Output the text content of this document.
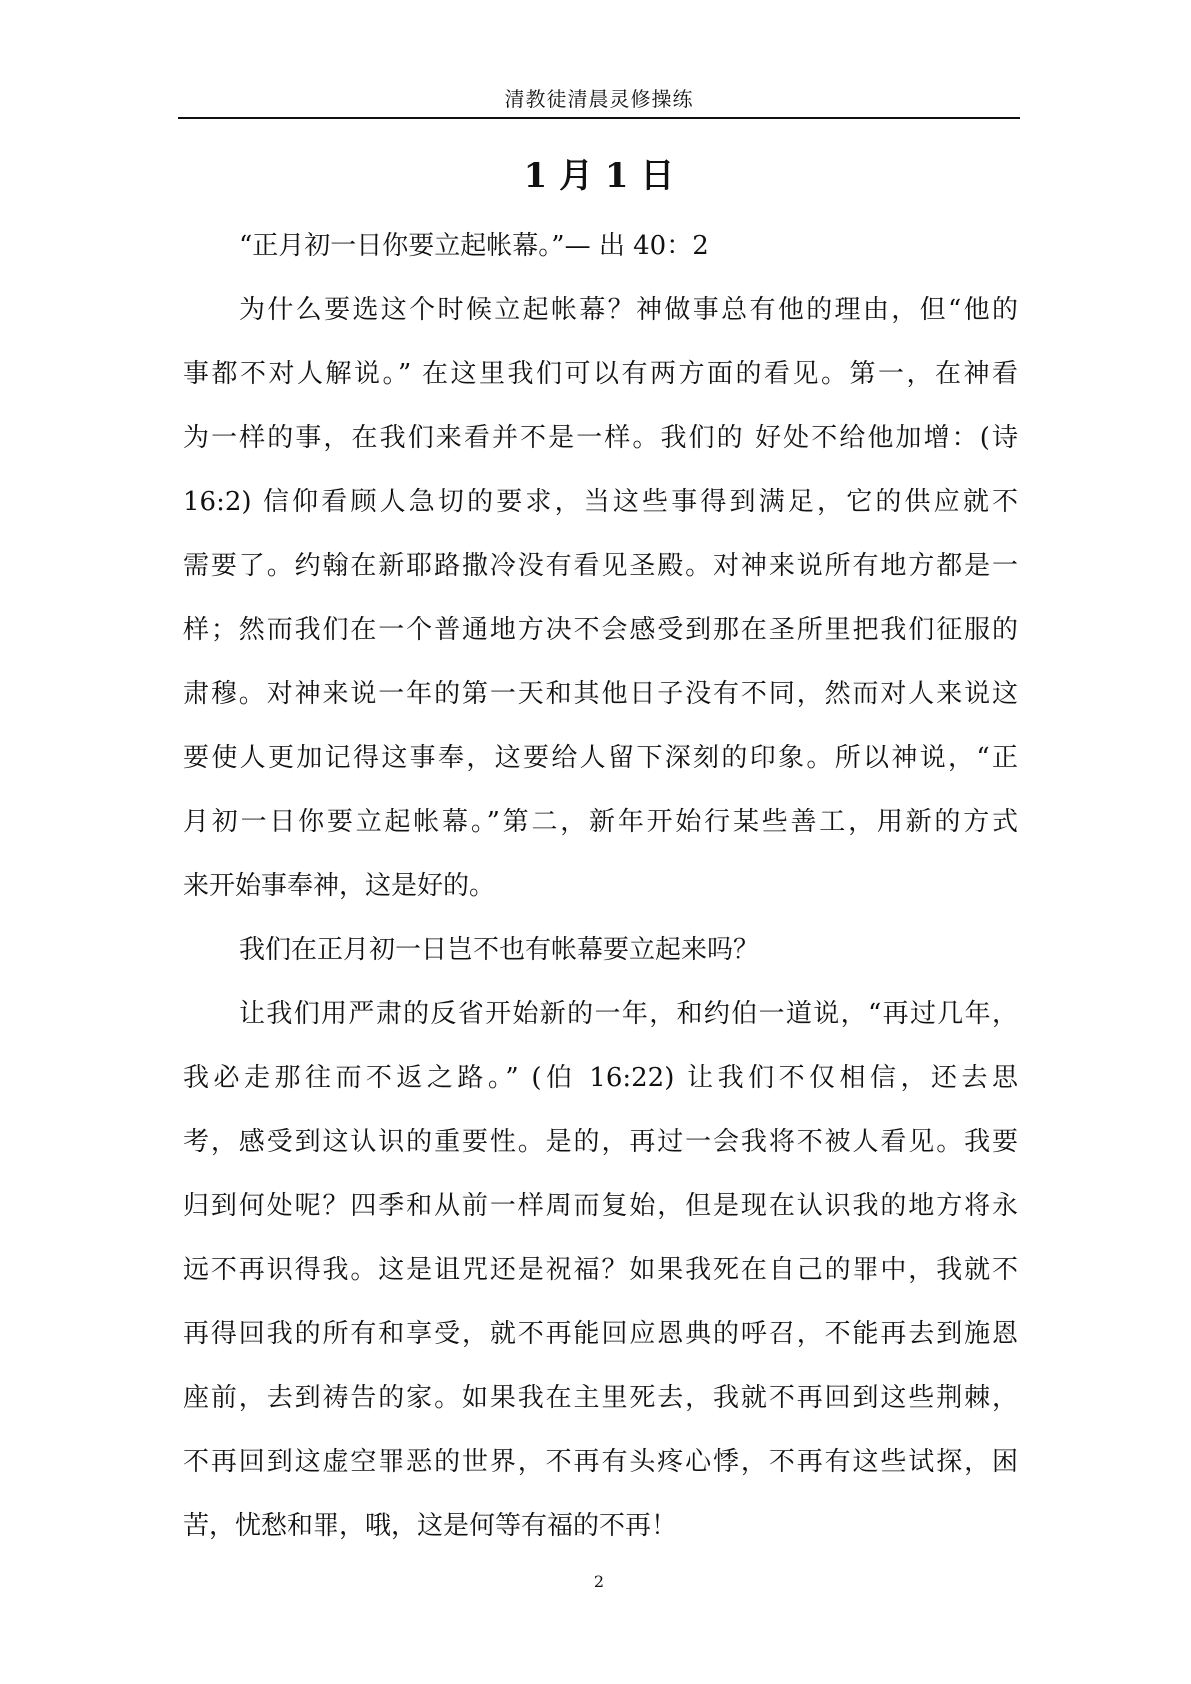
清教徒清晨灵修操练
1 月 1 日
“正月初一日你要立起帐幕。”— 出 40：2
为什么要选这个时候立起帐幕？神做事总有他的理由，但“他的
事都不对人解说。” 在这里我们可以有两方面的看见。第一，在神看
为一样的事，在我们来看并不是一样。我们的 好处不给他加增：(诗
16:2) 信仰看顾人急切的要求，当这些事得到满足，它的供应就不
需要了。约翰在新耶路撒冷没有看见圣殿。对神来说所有地方都是一
样；然而我们在一个普通地方决不会感受到那在圣所里把我们征服的
肃穆。对神来说一年的第一天和其他日子没有不同，然而对人来说这
要使人更加记得这事奉，这要给人留下深刻的印象。所以神说，“正
月初一日你要立起帐幕。”第二，新年开始行某些善工，用新的方式
来开始事奉神，这是好的。
我们在正月初一日岂不也有帐幕要立起来吗？
让我们用严肃的反省开始新的一年，和约伯一道说，“再过几年，
我必走那往而不返之路。” (伯 16:22) 让我们不仅相信，还去思
考，感受到这认识的重要性。是的，再过一会我将不被人看见。我要
归到何处呢？四季和从前一样周而复始，但是现在认识我的地方将永
远不再识得我。这是诅咒还是祝福？如果我死在自己的罪中，我就不
再得回我的所有和享受，就不再能回应恩典的呼召，不能再去到施恩
座前，去到祷告的家。如果我在主里死去，我就不再回到这些荆棘，
不再回到这虚空罪恶的世界，不再有头疼心悸，不再有这些试探，困
苦，忧愁和罪，哦，这是何等有福的不再！
2
